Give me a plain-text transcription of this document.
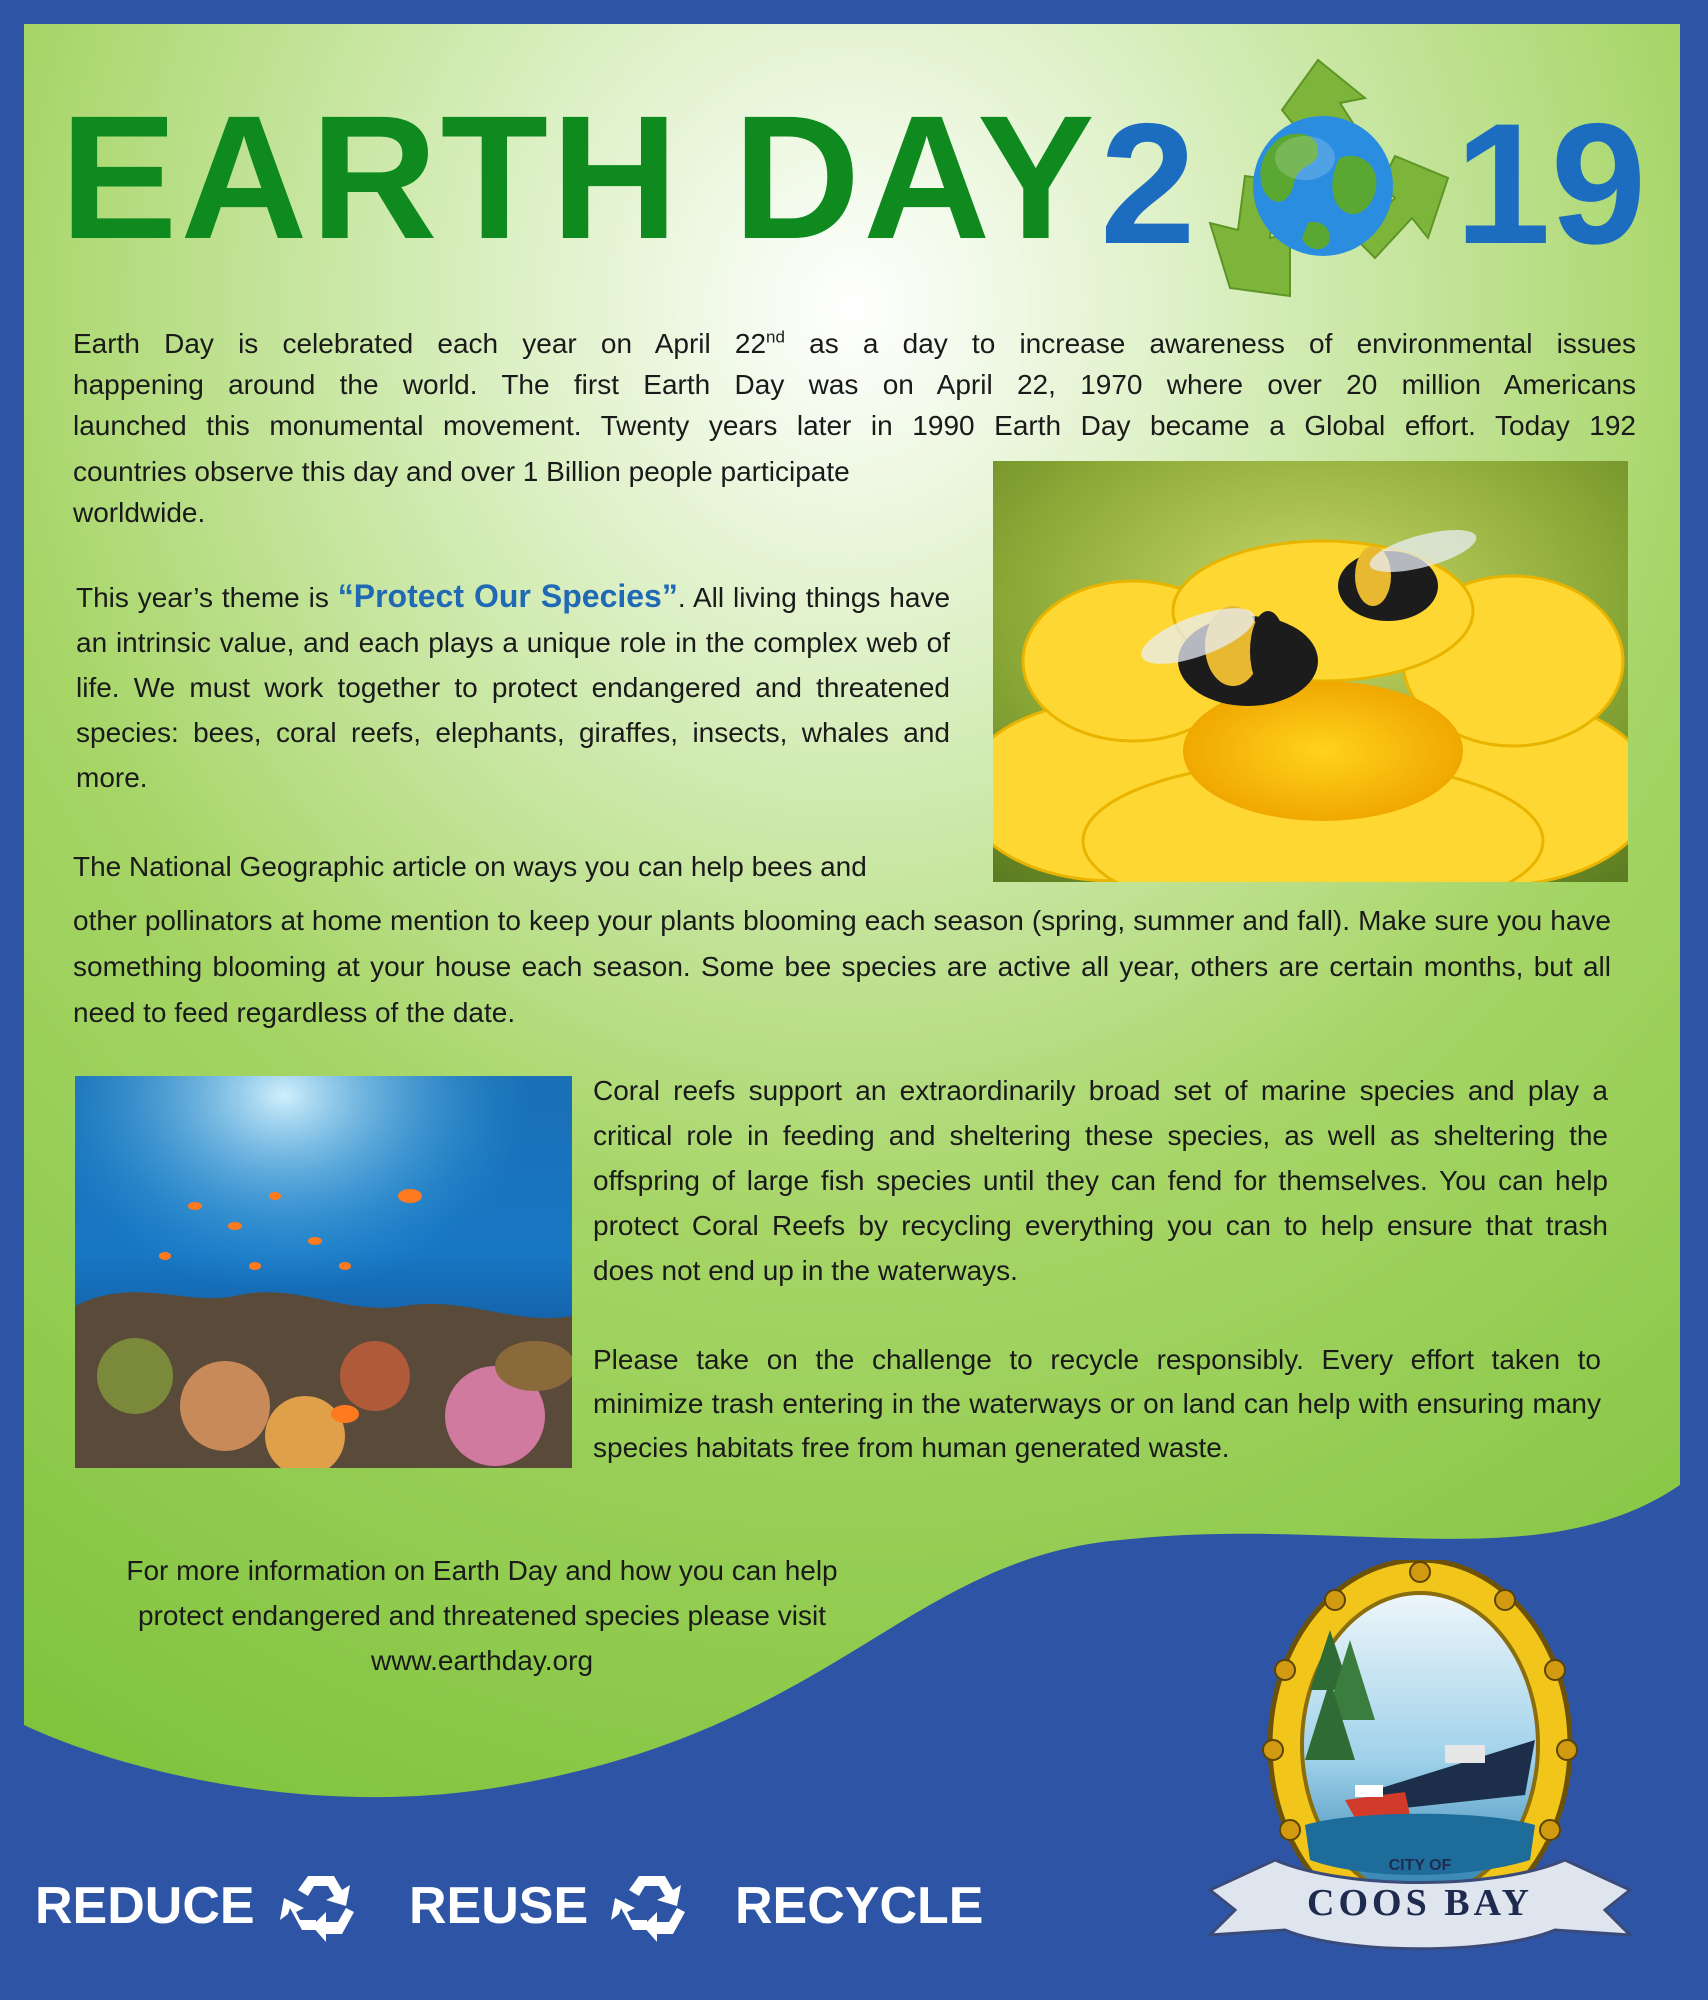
EARTH DAY 2 19
Earth Day is celebrated each year on April 22nd as a day to increase awareness of environmental issues
happening around the world. The first Earth Day was on April 22, 1970 where over 20 million Americans
launched this monumental movement. Twenty years later in 1990 Earth Day became a Global effort. Today 192
countries observe this day and over 1 Billion people participate
worldwide.
This year’s theme is “Protect Our Species”. All living things have an intrinsic value, and each plays a unique role in the complex web of life. We must work together to protect endangered and threatened species: bees, coral reefs, elephants, giraffes, insects, whales and more.
The National Geographic article on ways you can help bees and
other pollinators at home mention to keep your plants blooming each season (spring, summer and fall). Make sure you have something blooming at your house each season. Some bee species are active all year, others are certain months, but all need to feed regardless of the date.
Coral reefs support an extraordinarily broad set of marine species and play a critical role in feeding and sheltering these species, as well as sheltering the offspring of large fish species until they can fend for themselves. You can help protect Coral Reefs by recycling everything you can to help ensure that trash does not end up in the waterways.
Please take on the challenge to recycle responsibly. Every effort taken to minimize trash entering in the waterways or on land can help with ensuring many species habitats free from human generated waste.
For more information on Earth Day and how you can help
protect endangered and threatened species please visit
www.earthday.org
REDUCE	REUSE	RECYCLE
CITY OF
COOS BAY
